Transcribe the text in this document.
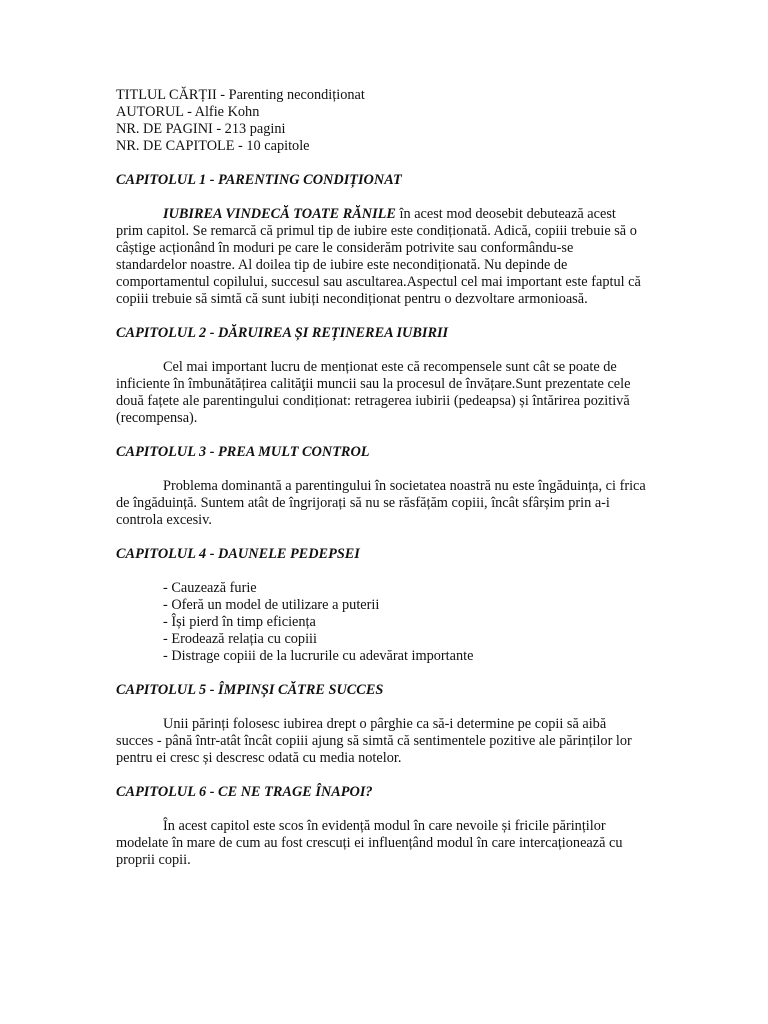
TITLUL CĂRȚII - Parenting necondiționat

AUTORUL - Alfie Kohn

NR. DE PAGINI - 213 pagini

NR. DE CAPITOLE - 10 capitole

CAPITOLUL 1 - PARENTING CONDIȚIONAT

IUBIREA VINDECĂ TOATE RĂNILE în acest mod deosebit debutează acest prim capitol. Se remarcă că primul tip de iubire este condiționată. Adică, copiii trebuie să o câștige acționând în moduri pe care le considerăm potrivite sau conformându-se standardelor noastre. Al doilea tip de iubire este necondiționată. Nu depinde de comportamentul copilului, succesul sau ascultarea.Aspectul cel mai important este faptul că copiii trebuie să simtă că sunt iubiți necondiționat pentru o dezvoltare armonioasă.

CAPITOLUL 2 - DĂRUIREA ȘI REȚINEREA IUBIRII

Cel mai important lucru de menționat este că recompensele sunt cât se poate de inficiente în îmbunătățirea calităţii muncii sau la procesul de învățare.Sunt prezentate cele două fațete ale parentingului condiționat: retragerea iubirii (pedeapsa) și întărirea pozitivă (recompensa).

CAPITOLUL 3 - PREA MULT CONTROL

Problema dominantă a parentingului în societatea noastră nu este îngăduința, ci frica de îngăduință. Suntem atât de îngrijorați să nu se răsfățăm copiii, încât sfârșim prin a-i controla excesiv.

CAPITOLUL 4 - DAUNELE PEDEPSEI

- Cauzează furie
- Oferă un model de utilizare a puterii
- Își pierd în timp eficiența
- Erodează relația cu copiii
- Distrage copiii de la lucrurile cu adevărat importante

CAPITOLUL 5 - ÎMPINȘI CĂTRE SUCCES

Unii părinți folosesc iubirea drept o pârghie ca să-i determine pe copii să aibă succes - până într-atât încât copiii ajung să simtă că sentimentele pozitive ale părinților lor pentru ei cresc și descresc odată cu media notelor.

CAPITOLUL 6 - CE NE TRAGE ÎNAPOI?

În acest capitol este scos în evidență modul în care nevoile și fricile părinților modelate în mare de cum au fost crescuți ei influențând modul în care intercaționează cu proprii copii.
